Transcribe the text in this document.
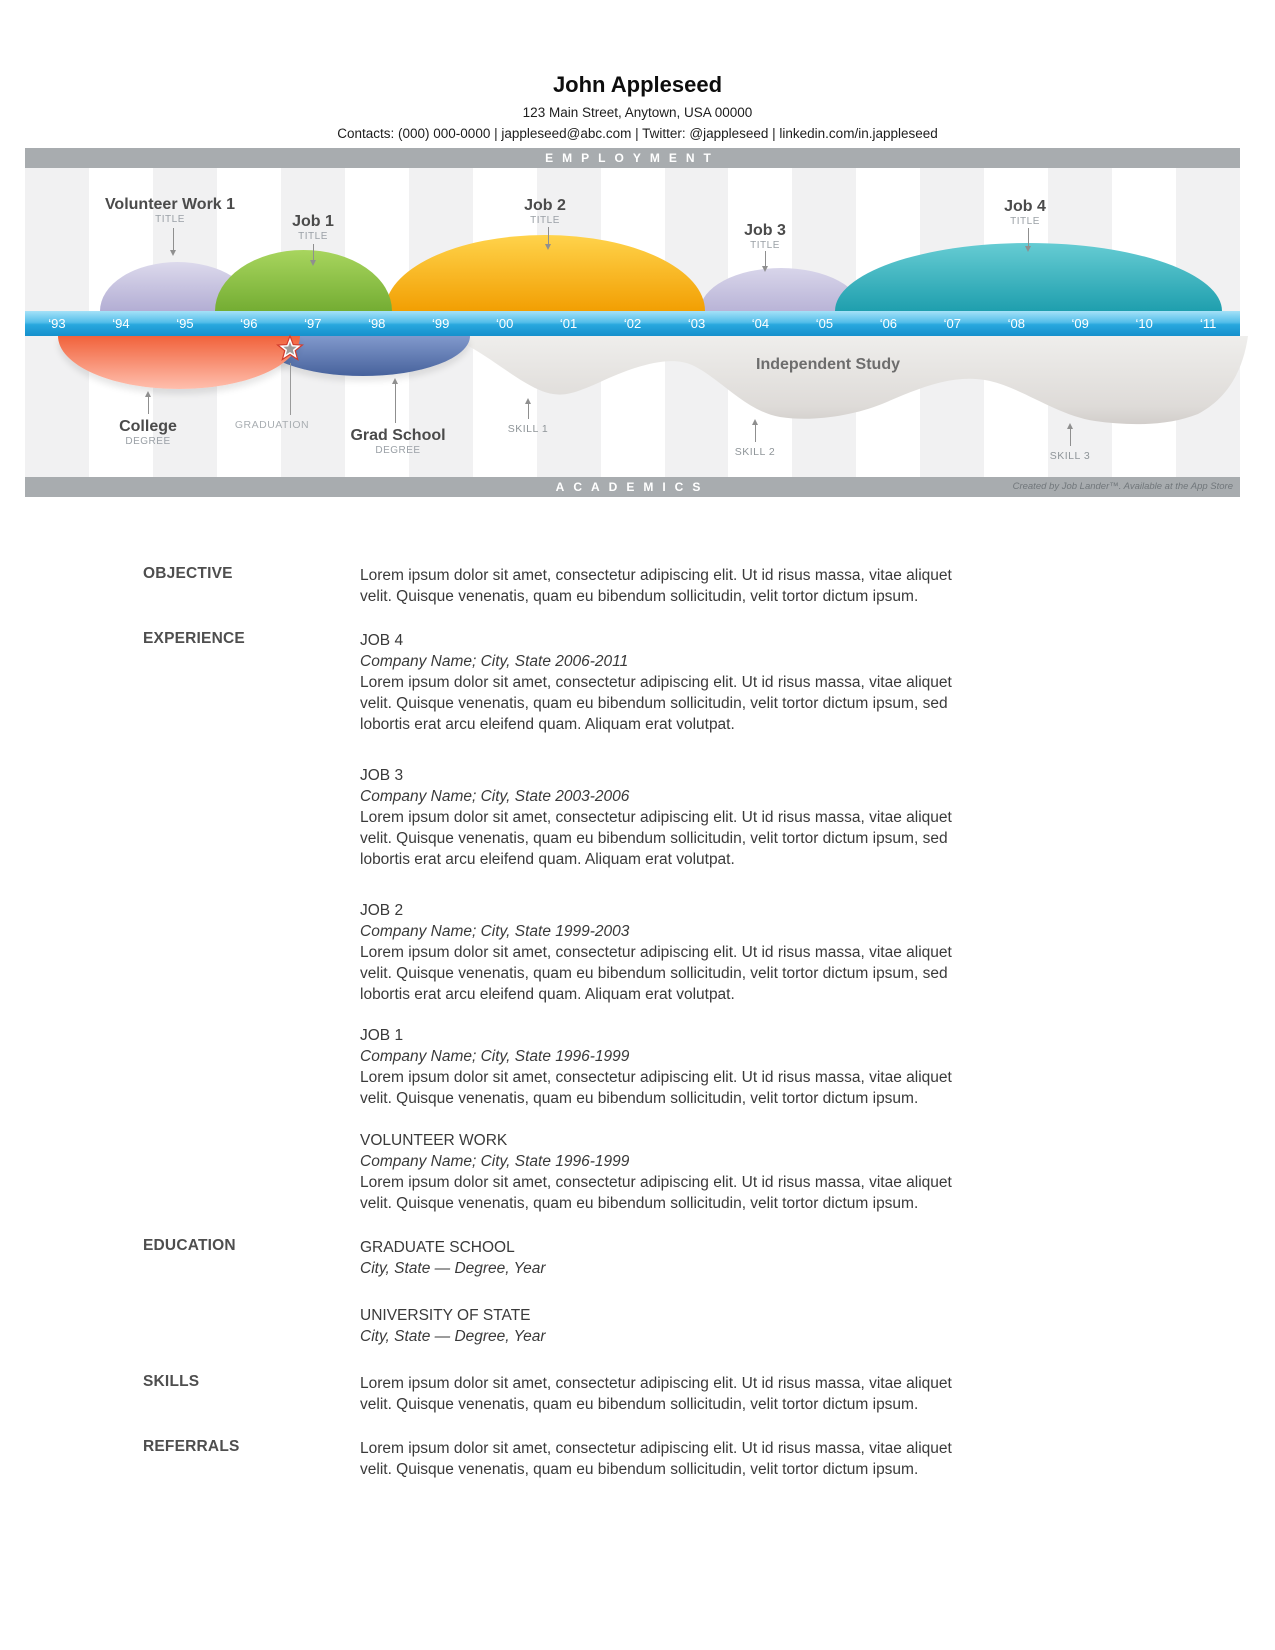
John Appleseed
123 Main Street, Anytown, USA 00000
Contacts: (000) 000-0000 | jappleseed@abc.com | Twitter: @jappleseed | linkedin.com/in.jappleseed
EMPLOYMENT
‘93	‘94	‘95	‘96	‘97	‘98	‘99	‘00	‘01	‘02	‘03	‘04	‘05	‘06	‘07	‘08	‘09	‘10	‘11
Volunteer Work 1
TITLE	Job 1
TITLE
Job 2
TITLE
Job 3
TITLE
Job 4
TITLE
College
DEGREE
GRADUATION
Grad School
DEGREE
Independent Study
SKILL 1
SKILL 2	SKILL 3
ACADEMICS	Created by Job Lander™. Available at the App Store
OBJECTIVE	Lorem ipsum dolor sit amet, consectetur adipiscing elit. Ut id risus massa, vitae aliquet
velit. Quisque venenatis, quam eu bibendum sollicitudin, velit tortor dictum ipsum.
EXPERIENCE	JOB 4
Company Name; City, State 2006-2011
Lorem ipsum dolor sit amet, consectetur adipiscing elit. Ut id risus massa, vitae aliquet
velit. Quisque venenatis, quam eu bibendum sollicitudin, velit tortor dictum ipsum, sed
lobortis erat arcu eleifend quam. Aliquam erat volutpat.
JOB 3
Company Name; City, State 2003-2006
Lorem ipsum dolor sit amet, consectetur adipiscing elit. Ut id risus massa, vitae aliquet
velit. Quisque venenatis, quam eu bibendum sollicitudin, velit tortor dictum ipsum, sed
lobortis erat arcu eleifend quam. Aliquam erat volutpat.
JOB 2
Company Name; City, State 1999-2003
Lorem ipsum dolor sit amet, consectetur adipiscing elit. Ut id risus massa, vitae aliquet
velit. Quisque venenatis, quam eu bibendum sollicitudin, velit tortor dictum ipsum, sed
lobortis erat arcu eleifend quam. Aliquam erat volutpat.
JOB 1
Company Name; City, State 1996-1999
Lorem ipsum dolor sit amet, consectetur adipiscing elit. Ut id risus massa, vitae aliquet
velit. Quisque venenatis, quam eu bibendum sollicitudin, velit tortor dictum ipsum.
VOLUNTEER WORK
Company Name; City, State 1996-1999
Lorem ipsum dolor sit amet, consectetur adipiscing elit. Ut id risus massa, vitae aliquet
velit. Quisque venenatis, quam eu bibendum sollicitudin, velit tortor dictum ipsum.
EDUCATION	GRADUATE SCHOOL
City, State — Degree, Year
UNIVERSITY OF STATE
City, State — Degree, Year
SKILLS	Lorem ipsum dolor sit amet, consectetur adipiscing elit. Ut id risus massa, vitae aliquet
velit. Quisque venenatis, quam eu bibendum sollicitudin, velit tortor dictum ipsum.
REFERRALS	Lorem ipsum dolor sit amet, consectetur adipiscing elit. Ut id risus massa, vitae aliquet
velit. Quisque venenatis, quam eu bibendum sollicitudin, velit tortor dictum ipsum.
